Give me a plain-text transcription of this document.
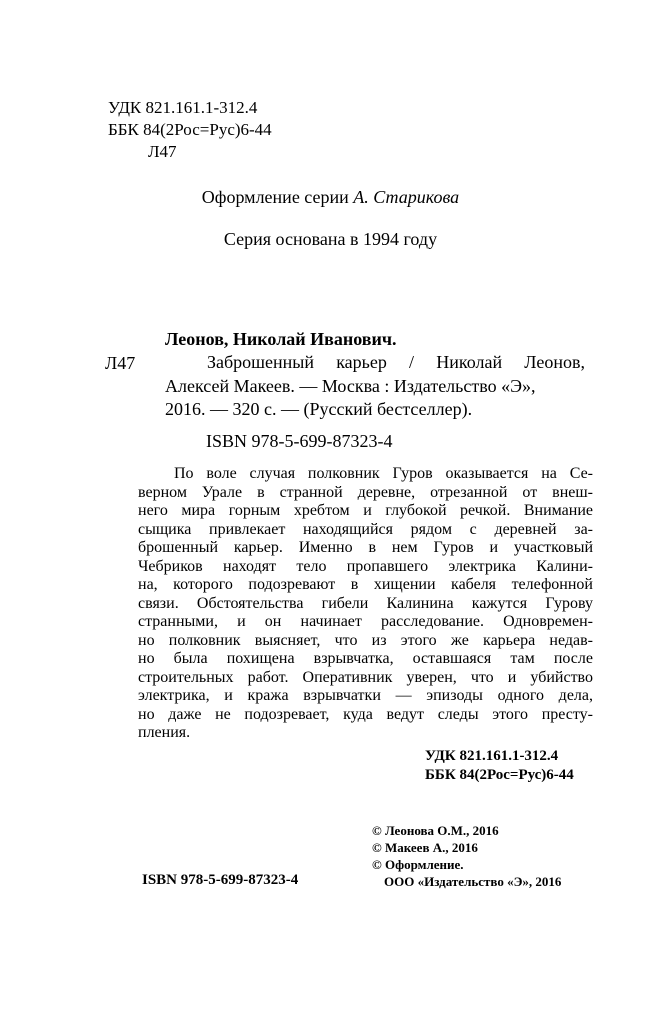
УДК 821.161.1-312.4
ББК 84(2Рос=Рус)6-44
Л47
Оформление серии А. Старикова
Серия основана в 1994 году
Леонов, Николай Иванович.
Л47	Заброшенный карьер / Николай Леонов,
Алексей Макеев. — Москва : Издательство «Э»,
2016. — 320 с. — (Русский бестселлер).
ISBN 978-5-699-87323-4
По воле случая полковник Гуров оказывается на Се-
верном Урале в странной деревне, отрезанной от внеш-
него мира горным хребтом и глубокой речкой. Внимание
сыщика привлекает находящийся рядом с деревней за-
брошенный карьер. Именно в нем Гуров и участковый
Чебриков находят тело пропавшего электрика Калини-
на, которого подозревают в хищении кабеля телефонной
связи. Обстоятельства гибели Калинина кажутся Гурову
странными, и он начинает расследование. Одновремен-
но полковник выясняет, что из этого же карьера недав-
но была похищена взрывчатка, оставшаяся там после
строительных работ. Оперативник уверен, что и убийство
электрика, и кража взрывчатки — эпизоды одного дела,
но даже не подозревает, куда ведут следы этого престу-
пления.
УДК 821.161.1-312.4
ББК 84(2Рос=Рус)6-44
© Леонова О.М., 2016
© Макеев А., 2016
© Оформление.
ООО «Издательство «Э», 2016
ISBN 978-5-699-87323-4
